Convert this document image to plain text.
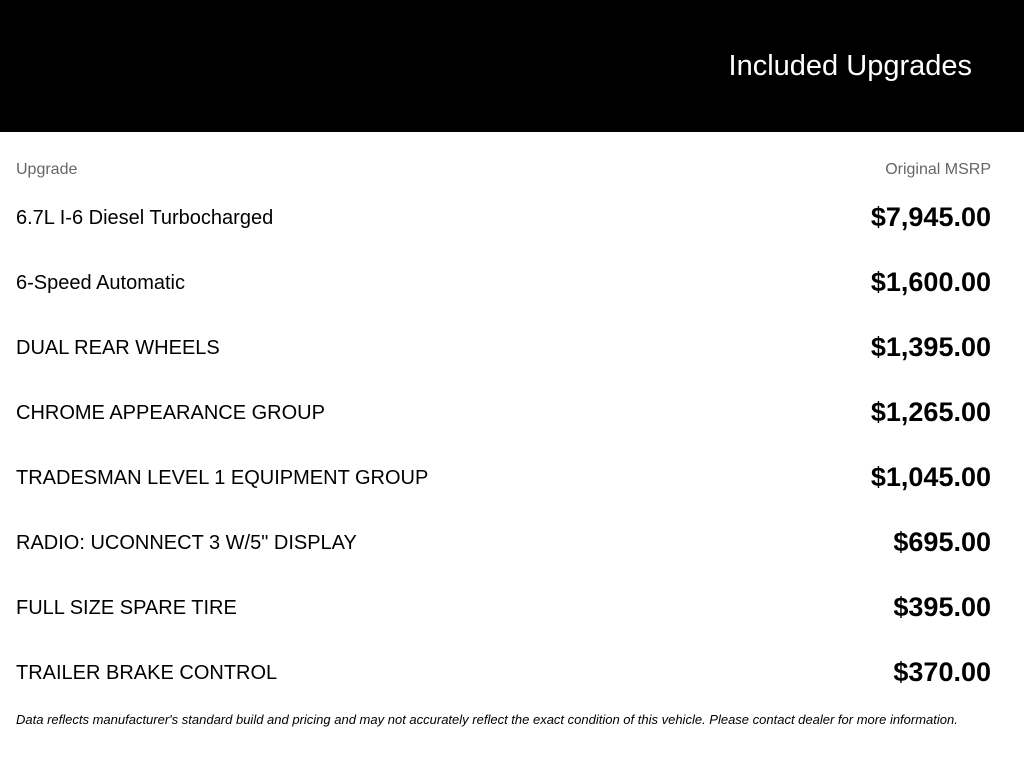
Included Upgrades
Upgrade	Original MSRP
6.7L I-6 Diesel Turbocharged	$7,945.00
6-Speed Automatic	$1,600.00
DUAL REAR WHEELS	$1,395.00
CHROME APPEARANCE GROUP	$1,265.00
TRADESMAN LEVEL 1 EQUIPMENT GROUP	$1,045.00
RADIO: UCONNECT 3 W/5" DISPLAY	$695.00
FULL SIZE SPARE TIRE	$395.00
TRAILER BRAKE CONTROL	$370.00
Data reflects manufacturer's standard build and pricing and may not accurately reflect the exact condition of this vehicle. Please contact dealer for more information.
